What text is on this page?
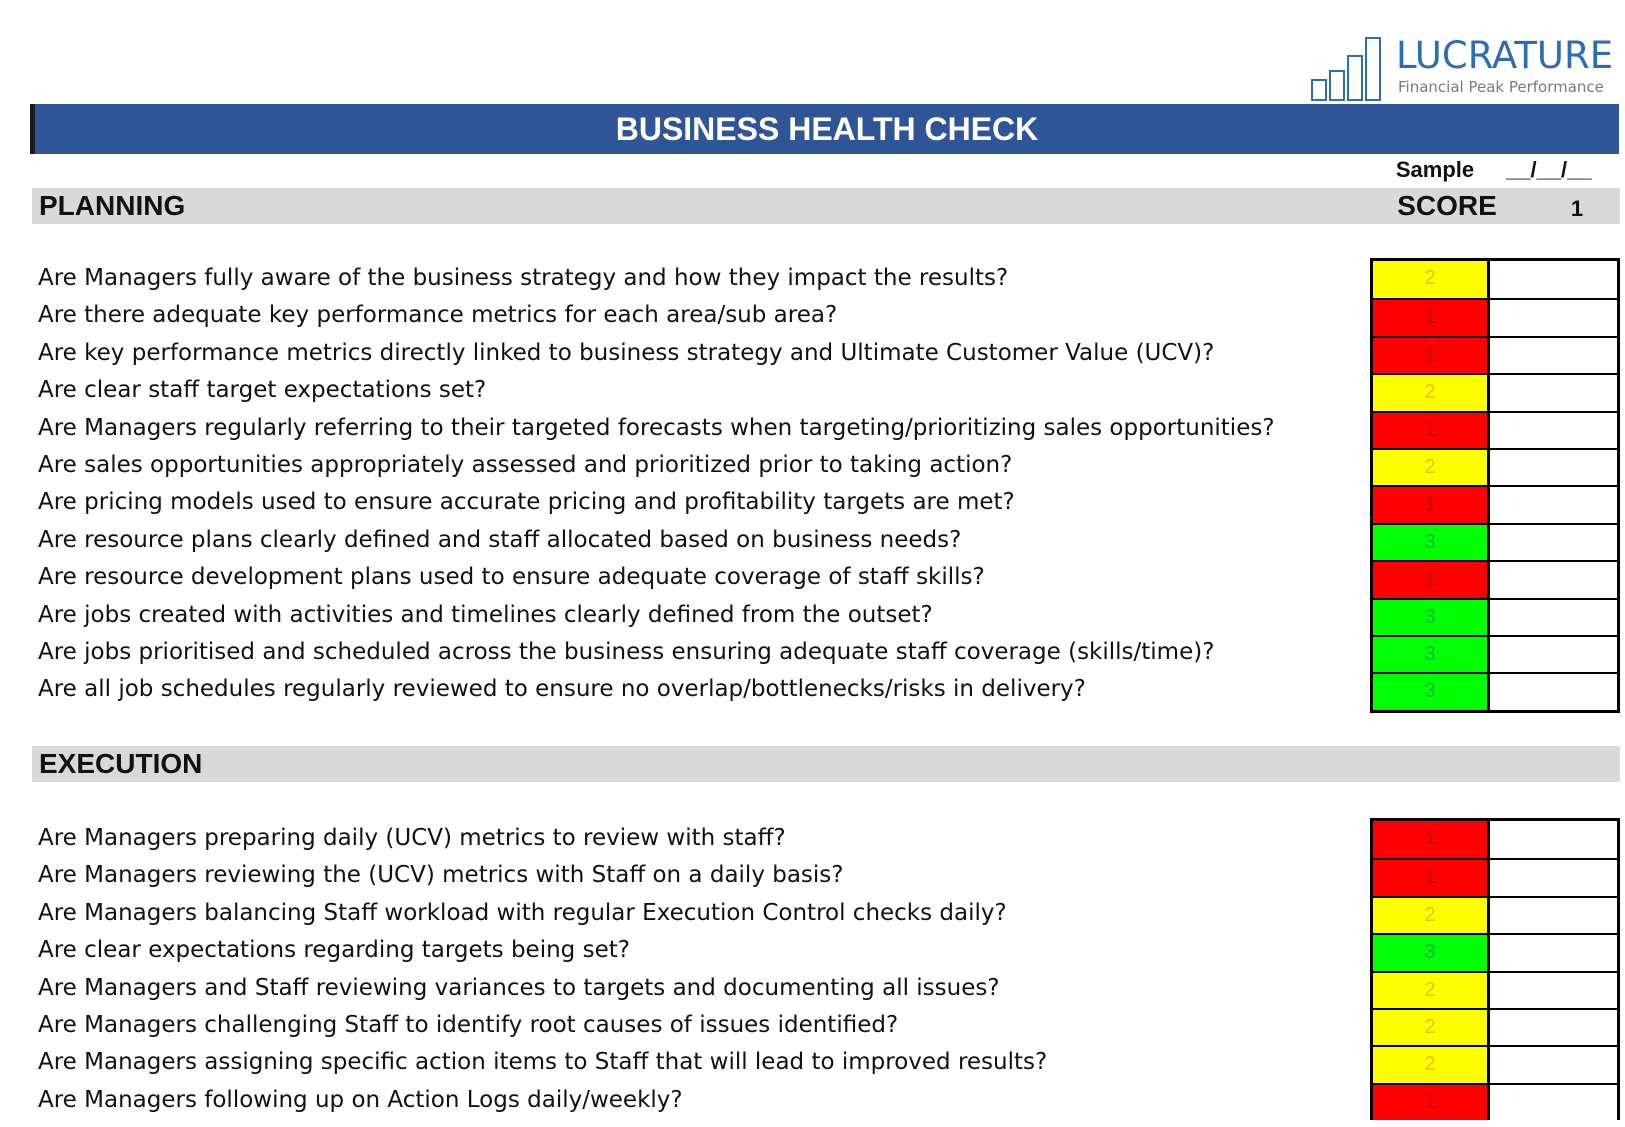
LUCRATURE
Financial Peak Performance
BUSINESS HEALTH CHECK
Sample __/__/__
PLANNING	SCORE	1
Are Managers fully aware of the business strategy and how they impact the results?
Are there adequate key performance metrics for each area/sub area?
Are key performance metrics directly linked to business strategy and Ultimate Customer Value (UCV)?
Are clear staff target expectations set?
Are Managers regularly referring to their targeted forecasts when targeting/prioritizing sales opportunities?
Are sales opportunities appropriately assessed and prioritized prior to taking action?
Are pricing models used to ensure accurate pricing and profitability targets are met?
Are resource plans clearly defined and staff allocated based on business needs?
Are resource development plans used to ensure adequate coverage of staff skills?
Are jobs created with activities and timelines clearly defined from the outset?
Are jobs prioritised and scheduled across the business ensuring adequate staff coverage (skills/time)?
Are all job schedules regularly reviewed to ensure no overlap/bottlenecks/risks in delivery?
2
1
1
2
1
2
1
3
1
3
3
3
EXECUTION
Are Managers preparing daily (UCV) metrics to review with staff?
Are Managers reviewing the (UCV) metrics with Staff on a daily basis?
Are Managers balancing Staff workload with regular Execution Control checks daily?
Are clear expectations regarding targets being set?
Are Managers and Staff reviewing variances to targets and documenting all issues?
Are Managers challenging Staff to identify root causes of issues identified?
Are Managers assigning specific action items to Staff that will lead to improved results?
Are Managers following up on Action Logs daily/weekly?
1
1
2
3
2
2
2
1
